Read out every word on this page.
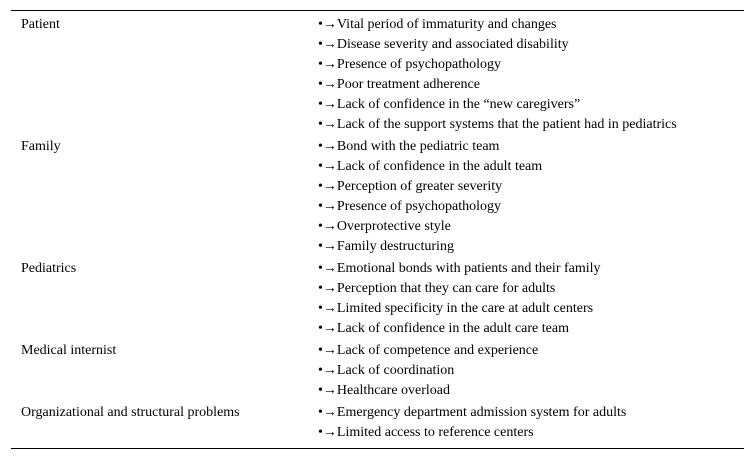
Patient	•→Vital period of immaturity and changes
•→Disease severity and associated disability
•→Presence of psychopathology
•→Poor treatment adherence
•→Lack of confidence in the “new caregivers”
•→Lack of the support systems that the patient had in pediatrics
Family	•→Bond with the pediatric team
•→Lack of confidence in the adult team
•→Perception of greater severity
•→Presence of psychopathology
•→Overprotective style
•→Family destructuring
Pediatrics	•→Emotional bonds with patients and their family
•→Perception that they can care for adults
•→Limited specificity in the care at adult centers
•→Lack of confidence in the adult care team
Medical internist	•→Lack of competence and experience
•→Lack of coordination
•→Healthcare overload
Organizational and structural problems	•→Emergency department admission system for adults
•→Limited access to reference centers
